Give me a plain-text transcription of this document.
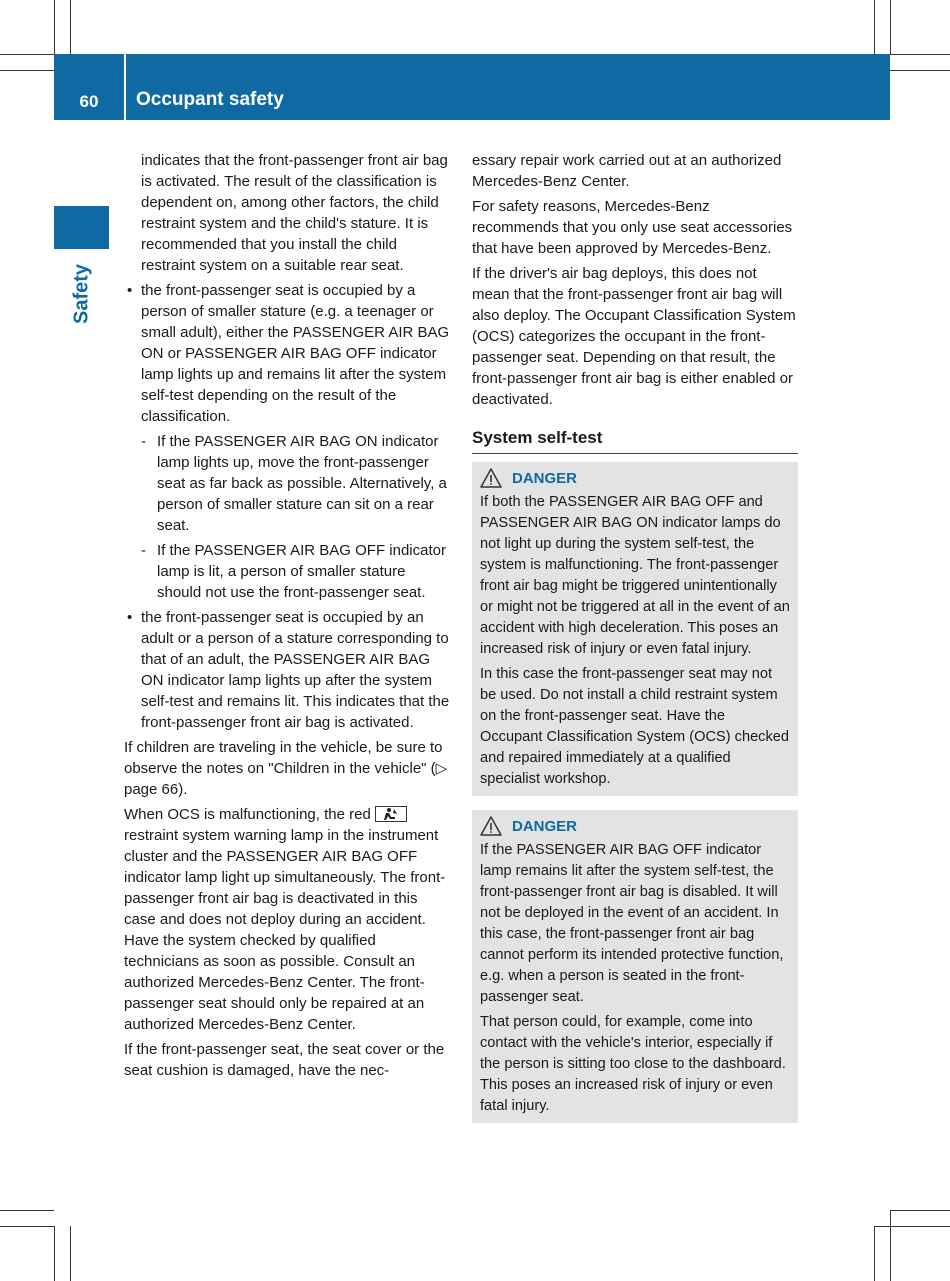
60	Occupant safety
Safety

indicates that the front-passenger front air bag is activated. The result of the classification is dependent on, among other factors, the child restraint system and the child's stature. It is recommended that you install the child restraint system on a suitable rear seat.

• the front-passenger seat is occupied by a person of smaller stature (e.g. a teenager or small adult), either the PASSENGER AIR BAG ON or PASSENGER AIR BAG OFF indicator lamp lights up and remains lit after the system self-test depending on the result of the classification.
- If the PASSENGER AIR BAG ON indicator lamp lights up, move the front-passenger seat as far back as possible. Alternatively, a person of smaller stature can sit on a rear seat.
- If the PASSENGER AIR BAG OFF indicator lamp is lit, a person of smaller stature should not use the front-passenger seat.
• the front-passenger seat is occupied by an adult or a person of a stature corresponding to that of an adult, the PASSENGER AIR BAG ON indicator lamp lights up after the system self-test and remains lit. This indicates that the front-passenger front air bag is activated.

If children are traveling in the vehicle, be sure to observe the notes on "Children in the vehicle" (▷ page 66).

When OCS is malfunctioning, the red
restraint system warning lamp in the instrument cluster and the PASSENGER AIR BAG OFF indicator lamp light up simultaneously. The front-passenger front air bag is deactivated in this case and does not deploy during an accident. Have the system checked by qualified technicians as soon as possible. Consult an authorized Mercedes-Benz Center. The front-passenger seat should only be repaired at an authorized Mercedes-Benz Center.

If the front-passenger seat, the seat cover or the seat cushion is damaged, have the nec-

essary repair work carried out at an authorized Mercedes-Benz Center.

For safety reasons, Mercedes-Benz recommends that you only use seat accessories that have been approved by Mercedes-Benz.

If the driver's air bag deploys, this does not mean that the front-passenger front air bag will also deploy. The Occupant Classification System (OCS) categorizes the occupant in the front-passenger seat. Depending on that result, the front-passenger front air bag is either enabled or deactivated.

System self-test
DANGER

If both the PASSENGER AIR BAG OFF and PASSENGER AIR BAG ON indicator lamps do not light up during the system self-test, the system is malfunctioning. The front-passenger front air bag might be triggered unintentionally or might not be triggered at all in the event of an accident with high deceleration. This poses an increased risk of injury or even fatal injury.

In this case the front-passenger seat may not be used. Do not install a child restraint system on the front-passenger seat. Have the Occupant Classification System (OCS) checked and repaired immediately at a qualified specialist workshop.

DANGER

If the PASSENGER AIR BAG OFF indicator lamp remains lit after the system self-test, the front-passenger front air bag is disabled. It will not be deployed in the event of an accident. In this case, the front-passenger front air bag cannot perform its intended protective function, e.g. when a person is seated in the front-passenger seat.

That person could, for example, come into contact with the vehicle's interior, especially if the person is sitting too close to the dashboard. This poses an increased risk of injury or even fatal injury.
